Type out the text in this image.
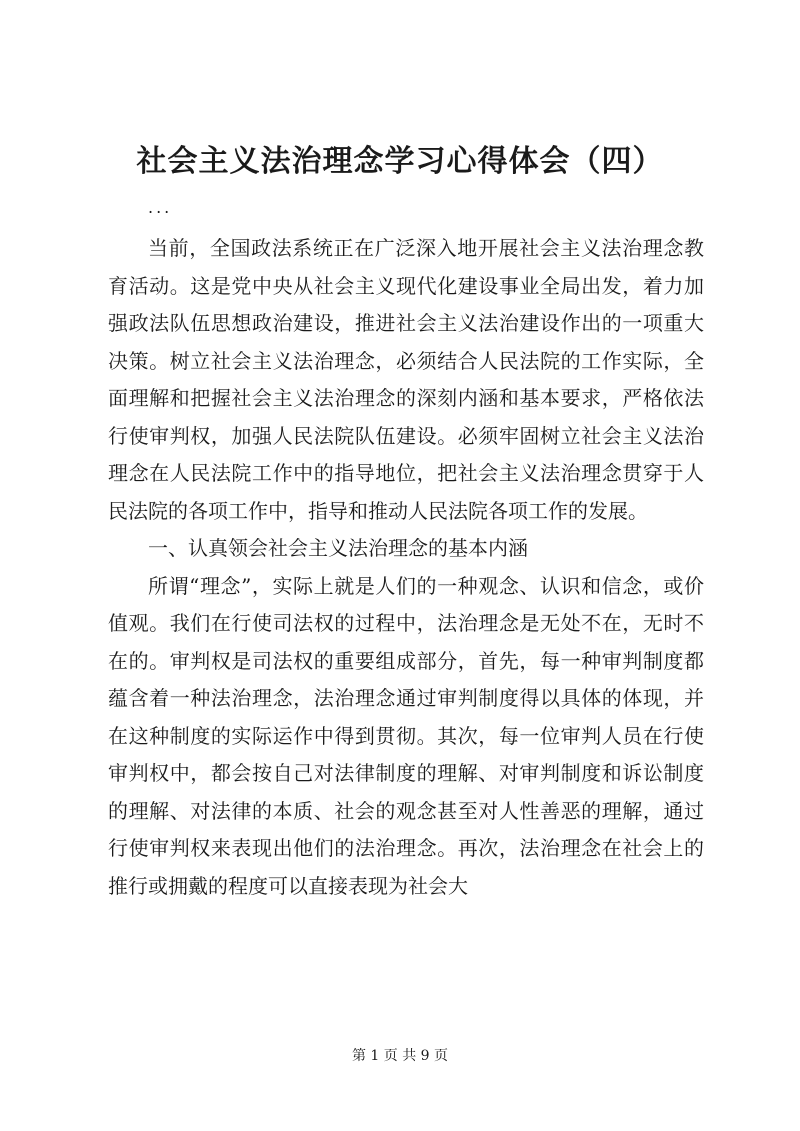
社会主义法治理念学习心得体会（四）
...

当前，全国政法系统正在广泛深入地开展社会主义法治理念教育活动。这是党中央从社会主义现代化建设事业全局出发，着力加强政法队伍思想政治建设，推进社会主义法治建设作出的一项重大决策。树立社会主义法治理念，必须结合人民法院的工作实际，全面理解和把握社会主义法治理念的深刻内涵和基本要求，严格依法行使审判权，加强人民法院队伍建设。必须牢固树立社会主义法治理念在人民法院工作中的指导地位，把社会主义法治理念贯穿于人民法院的各项工作中，指导和推动人民法院各项工作的发展。

一、认真领会社会主义法治理念的基本内涵

所谓“理念”，实际上就是人们的一种观念、认识和信念，或价值观。我们在行使司法权的过程中，法治理念是无处不在，无时不在的。审判权是司法权的重要组成部分，首先，每一种审判制度都蕴含着一种法治理念，法治理念通过审判制度得以具体的体现，并在这种制度的实际运作中得到贯彻。其次，每一位审判人员在行使审判权中，都会按自己对法律制度的理解、对审判制度和诉讼制度的理解、对法律的本质、社会的观念甚至对人性善恶的理解，通过行使审判权来表现出他们的法治理念。再次，法治理念在社会上的推行或拥戴的程度可以直接表现为社会大

第 1 页 共 9 页
